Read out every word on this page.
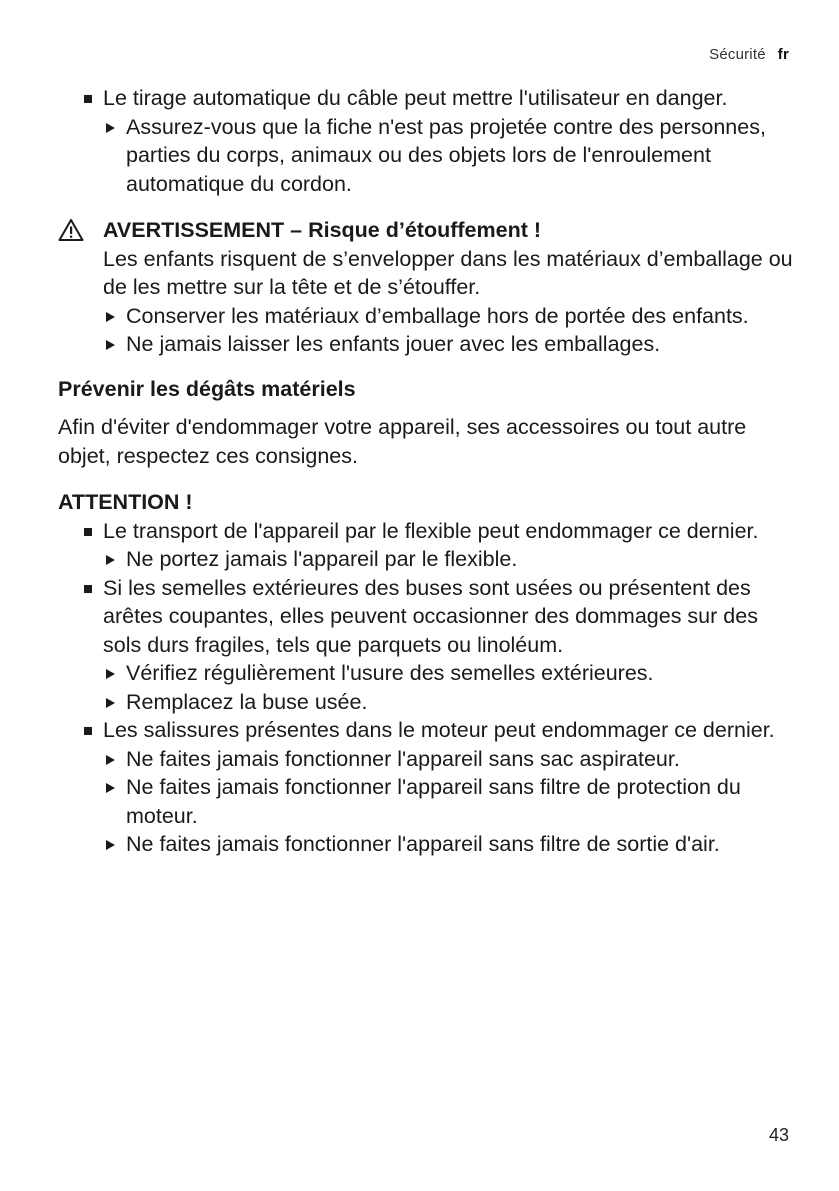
Sécurité fr

Le tirage automatique du câble peut mettre l'utilisateur en danger.

Assurez-vous que la fiche n'est pas projetée contre des personnes, parties du corps, animaux ou des objets lors de l'enroulement automatique du cordon.

AVERTISSEMENT – Risque d’étouffement !

Les enfants risquent de s’envelopper dans les matériaux d’emballage ou de les mettre sur la tête et de s’étouffer.

Conserver les matériaux d’emballage hors de portée des enfants.

Ne jamais laisser les enfants jouer avec les emballages.

Prévenir les dégâts matériels

Afin d'éviter d'endommager votre appareil, ses accessoires ou tout autre objet, respectez ces consignes.

ATTENTION !

Le transport de l'appareil par le flexible peut endommager ce dernier.

Ne portez jamais l'appareil par le flexible.

Si les semelles extérieures des buses sont usées ou présentent des arêtes coupantes, elles peuvent occasionner des dommages sur des sols durs fragiles, tels que parquets ou linoléum.

Vérifiez régulièrement l'usure des semelles extérieures.

Remplacez la buse usée.

Les salissures présentes dans le moteur peut endommager ce dernier.

Ne faites jamais fonctionner l'appareil sans sac aspirateur.

Ne faites jamais fonctionner l'appareil sans filtre de protection du moteur.

Ne faites jamais fonctionner l'appareil sans filtre de sortie d'air.

43
